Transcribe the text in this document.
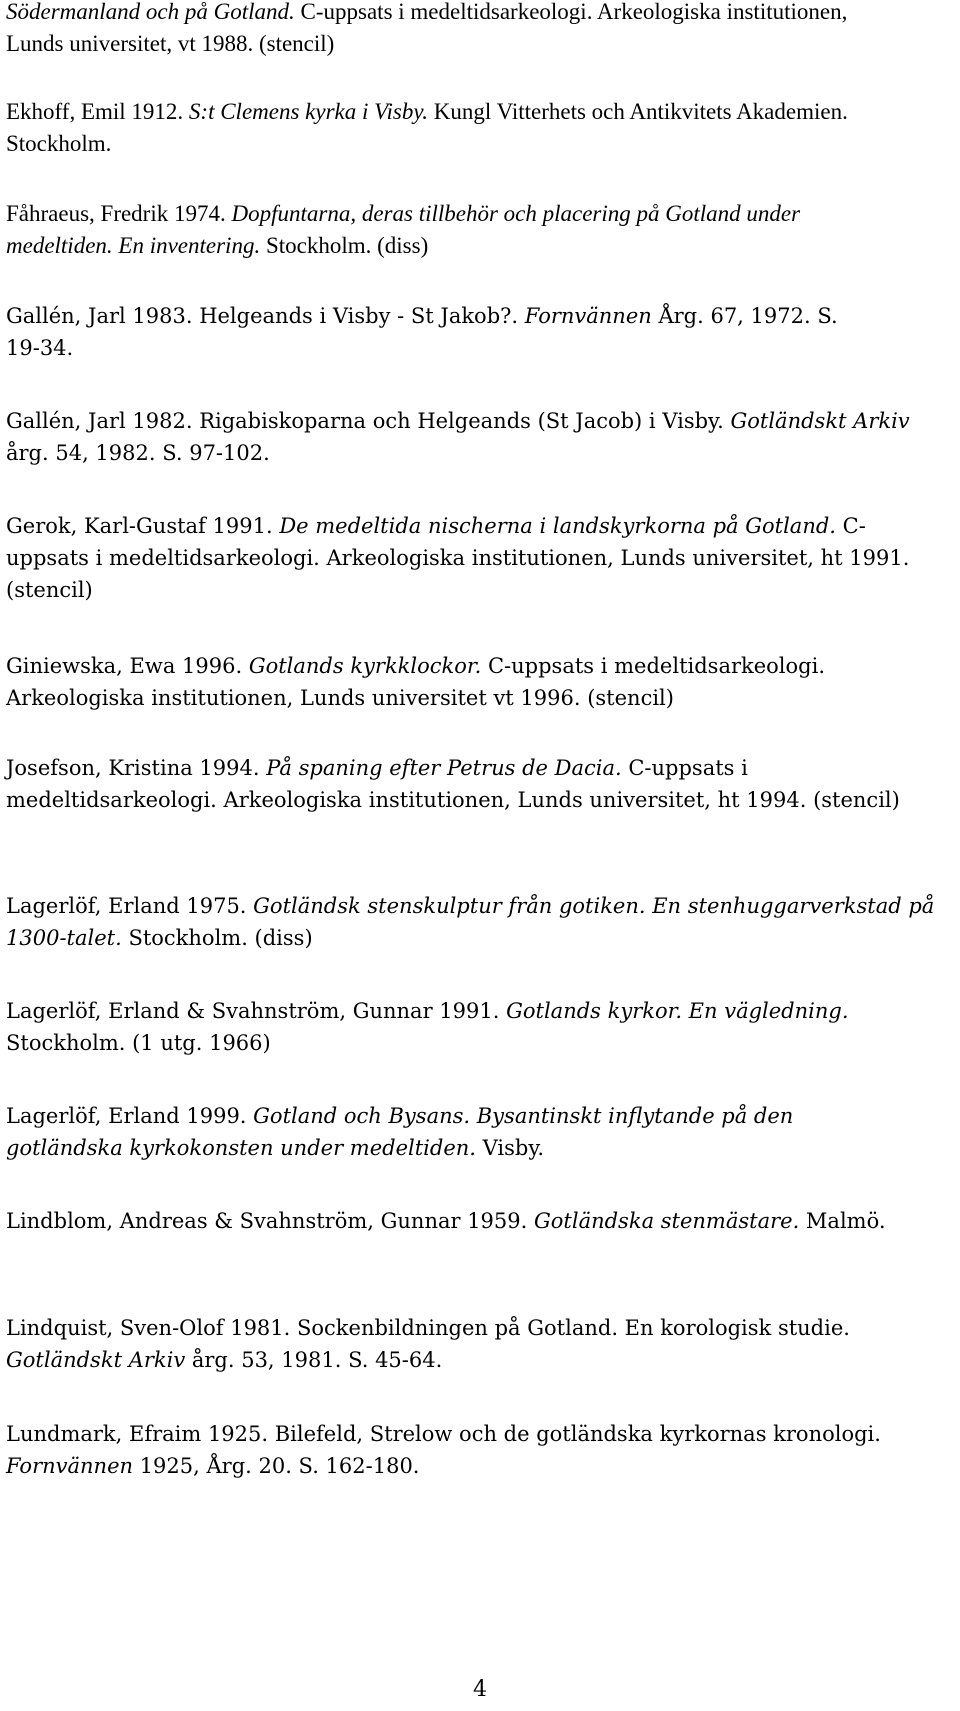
Södermanland och på Gotland. C-uppsats i medeltidsarkeologi. Arkeologiska institutionen, Lunds universitet, vt 1988. (stencil)
Ekhoff, Emil 1912. S:t Clemens kyrka i Visby. Kungl Vitterhets och Antikvitets Akademien. Stockholm.
Fåhraeus, Fredrik 1974. Dopfuntarna, deras tillbehör och placering på Gotland under medeltiden. En inventering. Stockholm. (diss)
Gallén, Jarl 1983. Helgeands i Visby - St Jakob?. Fornvännen Årg. 67, 1972. S. 19-34.
Gallén, Jarl 1982. Rigabiskoparna och Helgeands (St Jacob) i Visby. Gotländskt Arkiv årg. 54, 1982. S. 97-102.
Gerok, Karl-Gustaf 1991. De medeltida nischerna i landskyrkorna på Gotland. C-uppsats i medeltidsarkeologi. Arkeologiska institutionen, Lunds universitet, ht 1991. (stencil)
Giniewska, Ewa 1996. Gotlands kyrkklockor. C-uppsats i medeltidsarkeologi. Arkeologiska institutionen, Lunds universitet vt 1996. (stencil)
Josefson, Kristina 1994. På spaning efter Petrus de Dacia. C-uppsats i medeltidsarkeologi. Arkeologiska institutionen, Lunds universitet, ht 1994. (stencil)
Lagerlöf, Erland 1975. Gotländsk stenskulptur från gotiken. En stenhuggarverkstad på 1300-talet. Stockholm. (diss)
Lagerlöf, Erland & Svahnström, Gunnar 1991. Gotlands kyrkor. En vägledning. Stockholm. (1 utg. 1966)
Lagerlöf, Erland 1999. Gotland och Bysans. Bysantinskt inflytande på den gotländska kyrkokonsten under medeltiden. Visby.
Lindblom, Andreas & Svahnström, Gunnar 1959. Gotländska stenmästare. Malmö.
Lindquist, Sven-Olof 1981. Sockenbildningen på Gotland. En korologisk studie. Gotländskt Arkiv årg. 53, 1981. S. 45-64.
Lundmark, Efraim 1925. Bilefeld, Strelow och de gotländska kyrkornas kronologi. Fornvännen 1925, Årg. 20. S. 162-180.
4
